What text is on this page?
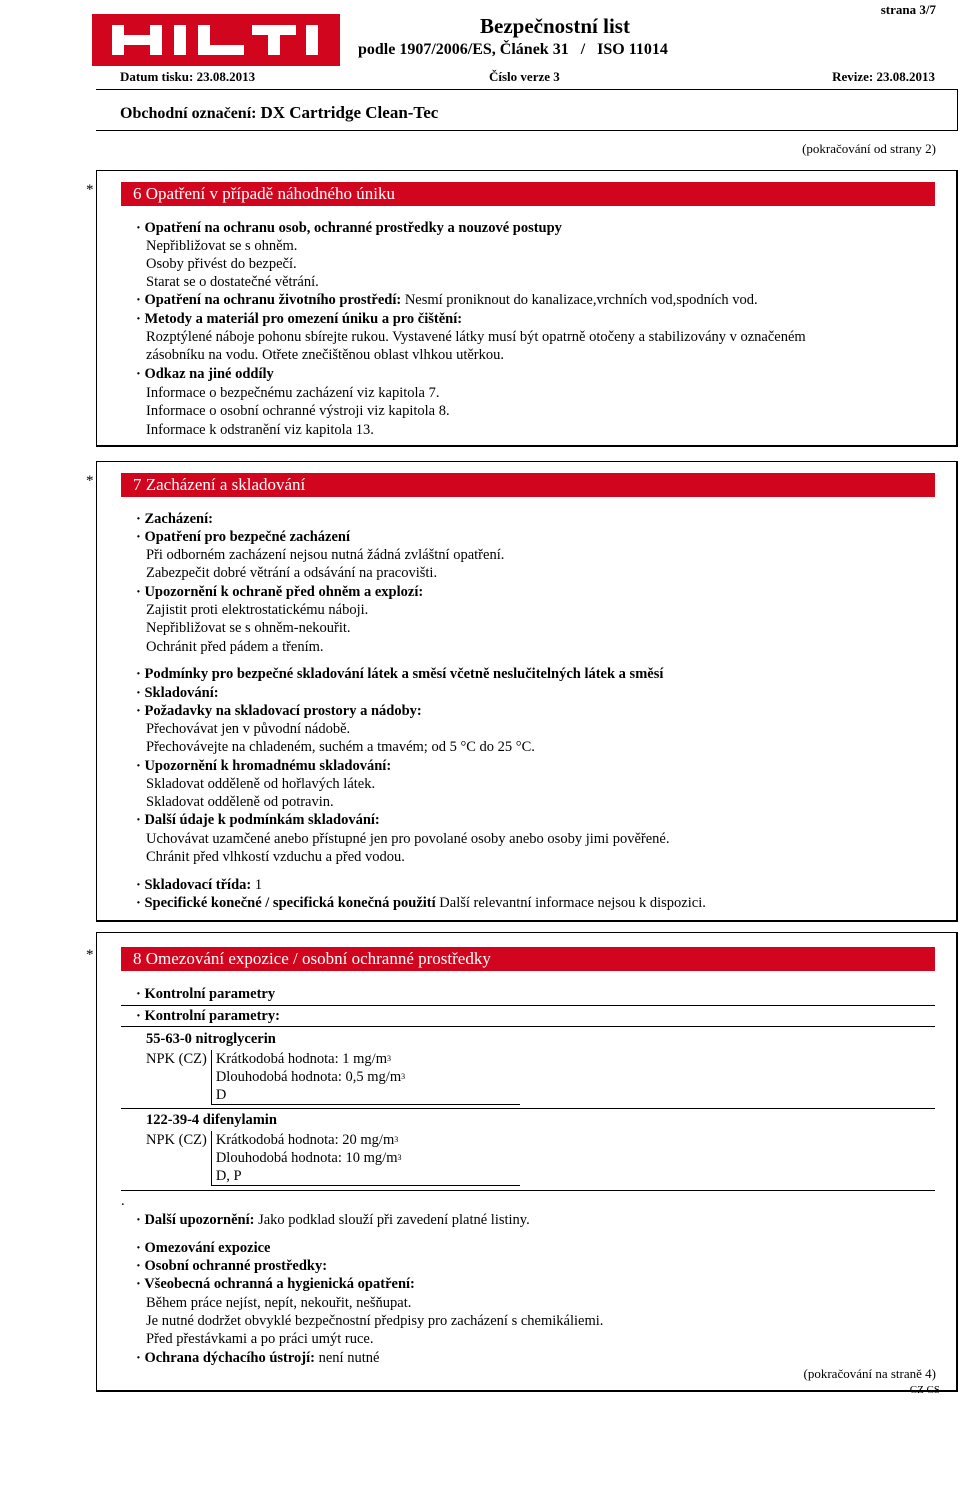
Bezpečnostní list
podle 1907/2006/ES, Článek 31   /   ISO 11014
strana 3/7
Datum tisku: 23.08.2013	Číslo verze 3	Revize: 23.08.2013
Obchodní označení: DX Cartridge Clean-Tec
(pokračování od strany 2)
*	6 Opatření v případě náhodného úniku
· Opatření na ochranu osob, ochranné prostředky a nouzové postupy
Nepřibližovat se s ohněm.
Osoby přivést do bezpečí.
Starat se o dostatečné větrání.
· Opatření na ochranu životního prostředí: Nesmí proniknout do kanalizace,vrchních vod,spodních vod.
· Metody a materiál pro omezení úniku a pro čištění:
Rozptýlené náboje pohonu sbírejte rukou. Vystavené látky musí být opatrně otočeny a stabilizovány v označeném
zásobníku na vodu. Otřete znečištěnou oblast vlhkou utěrkou.
· Odkaz na jiné oddíly
Informace o bezpečnému zacházení viz kapitola 7.
Informace o osobní ochranné výstroji viz kapitola 8.
Informace k odstranění viz kapitola 13.
*	7 Zacházení a skladování
· Zacházení:
· Opatření pro bezpečné zacházení
Při odborném zacházení nejsou nutná žádná zvláštní opatření.
Zabezpečit dobré větrání a odsávání na pracovišti.
· Upozornění k ochraně před ohněm a explozí:
Zajistit proti elektrostatickému náboji.
Nepřibližovat se s ohněm-nekouřit.
Ochránit před pádem a třením.
· Podmínky pro bezpečné skladování látek a směsí včetně neslučitelných látek a směsí
· Skladování:
· Požadavky na skladovací prostory a nádoby:
Přechovávat jen v původní nádobě.
Přechovávejte na chladeném, suchém a tmavém; od 5 °C do 25 °C.
· Upozornění k hromadnému skladování:
Skladovat odděleně od hořlavých látek.
Skladovat odděleně od potravin.
· Další údaje k podmínkám skladování:
Uchovávat uzamčené anebo přístupné jen pro povolané osoby anebo osoby jimi pověřené.
Chránit před vlhkostí vzduchu a před vodou.
· Skladovací třída: 1
· Specifické konečné / specifická konečná použití Další relevantní informace nejsou k dispozici.
*	8 Omezování expozice / osobní ochranné prostředky
· Kontrolní parametry
· Kontrolní parametry:
55-63-0 nitroglycerin
NPK (CZ)	Krátkodobá hodnota: 1 $mg/m^3$
Dlouhodobá hodnota: 0,5 $mg/m^3$
D
122-39-4 difenylamin
NPK (CZ)	Krátkodobá hodnota: 20 $mg/m^3$
Dlouhodobá hodnota: 10 $mg/m^3$
D, P
.
· Další upozornění: Jako podklad slouží při zavedení platné listiny.
· Omezování expozice
· Osobní ochranné prostředky:
· Všeobecná ochranná a hygienická opatření:
Během práce nejíst, nepít, nekouřit, nešňupat.
Je nutné dodržet obvyklé bezpečnostní předpisy pro zacházení s chemikáliemi.
Před přestávkami a po práci umýt ruce.
· Ochrana dýchacího ústrojí: není nutné
(pokračování na straně 4)
CZ CS
